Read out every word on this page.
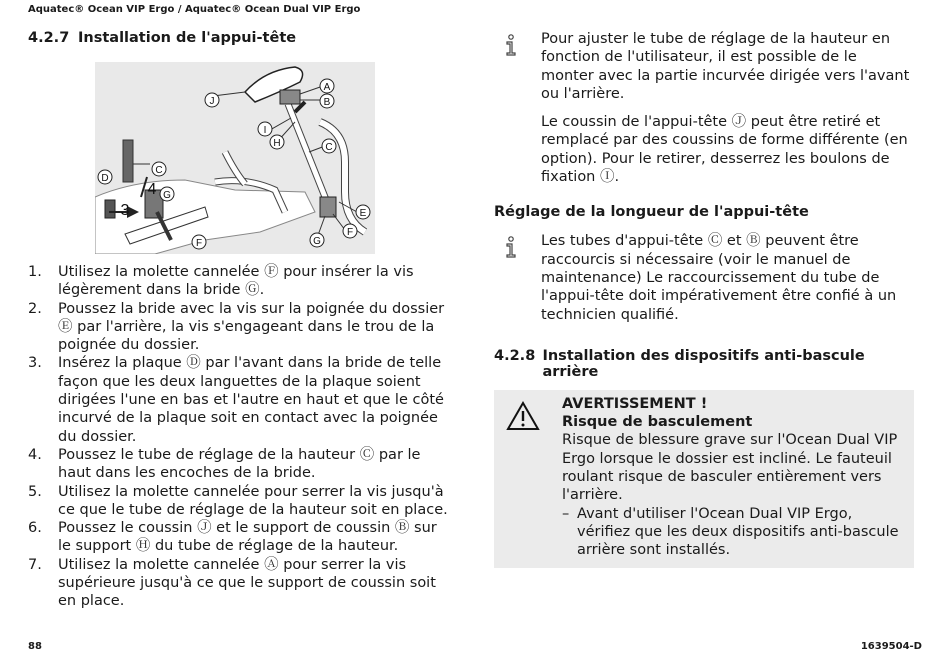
Aquatec® Ocean VIP Ergo / Aquatec® Ocean Dual VIP Ergo
4.2.7 Installation de l'appui-tête
A
B
C
C
D
E
F
F
G
G
H
I
J
3
4
1.	Utilisez la molette cannelée Ⓕ pour insérer la vis légèrement dans la bride Ⓖ.
2.	Poussez la bride avec la vis sur la poignée du dossier Ⓔ par l'arrière, la vis s'engageant dans le trou de la poignée du dossier.
3.	Insérez la plaque Ⓓ par l'avant dans la bride de telle façon que les deux languettes de la plaque soient dirigées l'une en bas et l'autre en haut et que le côté incurvé de la plaque soit en contact avec la poignée du dossier.
4.	Poussez le tube de réglage de la hauteur Ⓒ par le haut dans les encoches de la bride.
5.	Utilisez la molette cannelée pour serrer la vis jusqu'à ce que le tube de réglage de la hauteur soit en place.
6.	Poussez le coussin Ⓙ et le support de coussin Ⓑ sur le support Ⓗ du tube de réglage de la hauteur.
7.	Utilisez la molette cannelée Ⓐ pour serrer la vis supérieure jusqu'à ce que le support de coussin soit en place.

Pour ajuster le tube de réglage de la hauteur en fonction de l'utilisateur, il est possible de le monter avec la partie incurvée dirigée vers l'avant ou l'arrière.

Le coussin de l'appui-tête Ⓙ peut être retiré et remplacé par des coussins de forme différente (en option). Pour le retirer, desserrez les boulons de fixation Ⓘ.

Réglage de la longueur de l'appui-tête

Les tubes d'appui-tête Ⓒ et Ⓑ peuvent être raccourcis si nécessaire (voir le manuel de maintenance) Le raccourcissement du tube de l'appui-tête doit impérativement être confié à un technicien qualifié.

4.2.8 Installation des dispositifs anti-bascule arrière
AVERTISSEMENT !
Risque de basculement
Risque de blessure grave sur l'Ocean Dual VIP Ergo lorsque le dossier est incliné. Le fauteuil roulant risque de basculer entièrement vers l'arrière.
– Avant d'utiliser l'Ocean Dual VIP Ergo, vérifiez que les deux dispositifs anti-bascule arrière sont installés.
88	1639504-D
